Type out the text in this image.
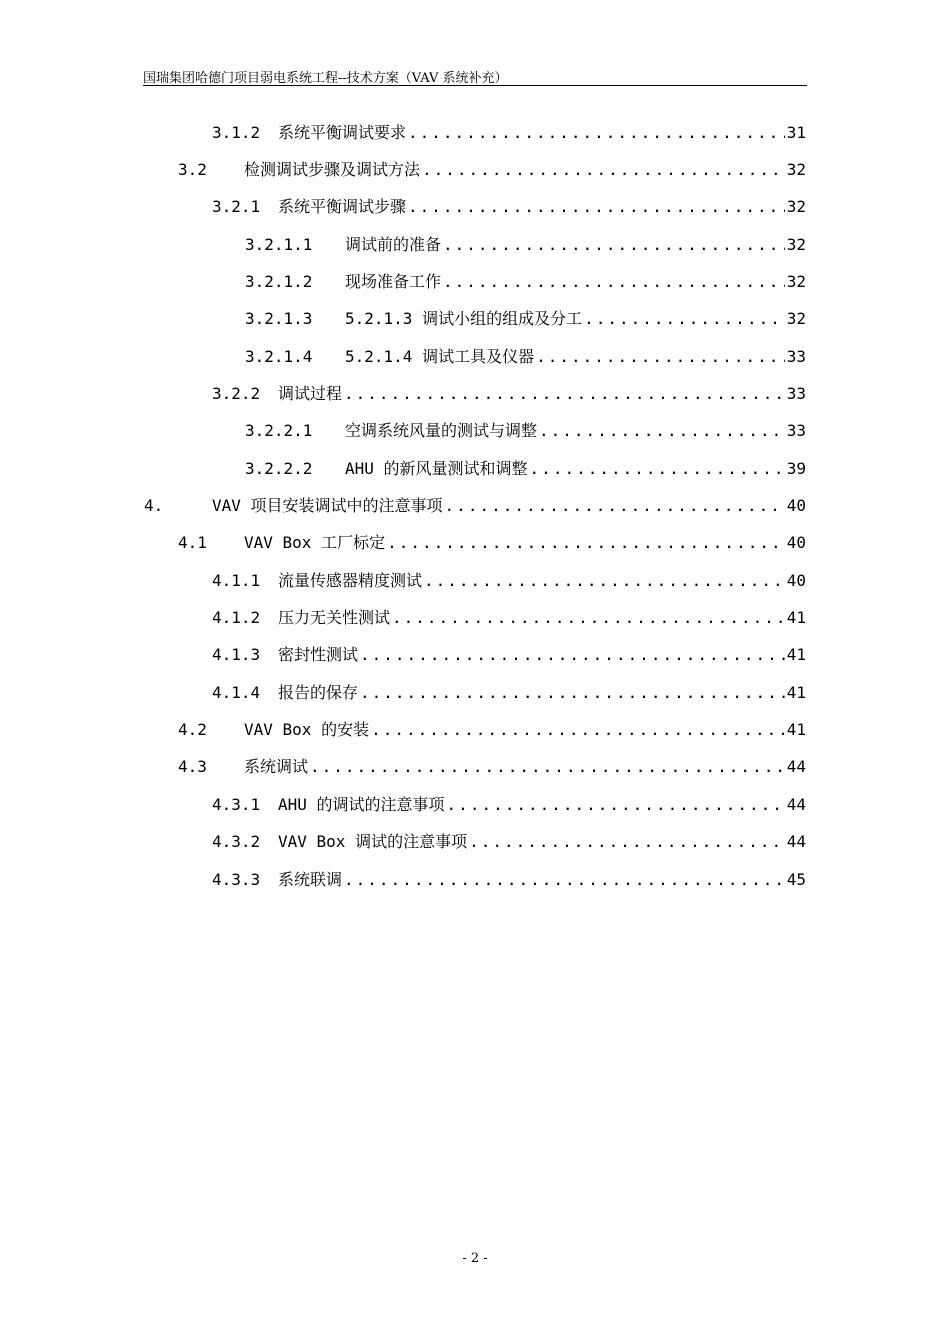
国瑞集团哈德门项目弱电系统工程--技术方案（VAV 系统补充）
3.1.2	系统平衡调试要求 .....	31
3.2	检测调试步骤及调试方法 .....	32
3.2.1	系统平衡调试步骤 .....	32
3.2.1.1	调试前的准备 .....	32
3.2.1.2	现场准备工作 .....	32
3.2.1.3	5.2.1.3 调试小组的组成及分工 .....	32
3.2.1.4	5.2.1.4 调试工具及仪器 .....	33
3.2.2	调试过程 .....	33
3.2.2.1	空调系统风量的测试与调整 .....	33
3.2.2.2	AHU 的新风量测试和调整 .....	39
4.	VAV 项目安装调试中的注意事项 .....	40
4.1	VAV Box 工厂标定 .....	40
4.1.1	流量传感器精度测试 .....	40
4.1.2	压力无关性测试 .....	41
4.1.3	密封性测试 .....	41
4.1.4	报告的保存 .....	41
4.2	VAV Box 的安装 .....	41
4.3	系统调试 .....	44
4.3.1	AHU 的调试的注意事项 .....	44
4.3.2	VAV Box 调试的注意事项 .....	44
4.3.3	系统联调 .....	45
- 2 -
